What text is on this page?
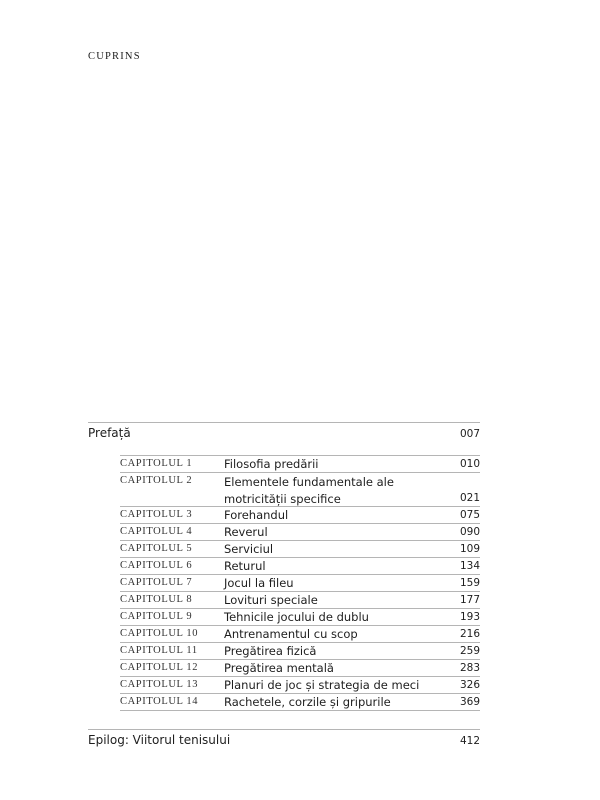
CUPRINS
Prefață	007
CAPITOLUL 1	Filosofia predării	010
CAPITOLUL 2	Elementele fundamentale ale motricității specifice	021
CAPITOLUL 3	Forehandul	075
CAPITOLUL 4	Reverul	090
CAPITOLUL 5	Serviciul	109
CAPITOLUL 6	Returul	134
CAPITOLUL 7	Jocul la fileu	159
CAPITOLUL 8	Lovituri speciale	177
CAPITOLUL 9	Tehnicile jocului de dublu	193
CAPITOLUL 10 Antrenamentul cu scop	216
CAPITOLUL 11 Pregătirea fizică	259
CAPITOLUL 12 Pregătirea mentală	283
CAPITOLUL 13 Planuri de joc și strategia de meci	326
CAPITOLUL 14 Rachetele, corzile și gripurile	369
Epilog: Viitorul tenisului	412
